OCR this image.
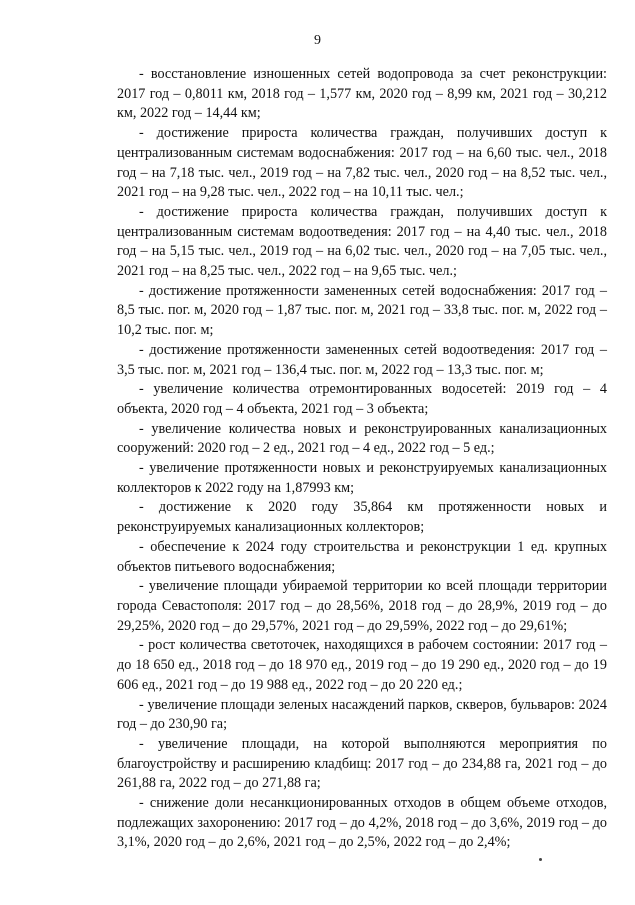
9

- восстановление изношенных сетей водопровода за счет реконструкции: 2017 год – 0,8011 км, 2018 год – 1,577 км, 2020 год – 8,99 км, 2021 год – 30,212 км, 2022 год – 14,44 км;

- достижение прироста количества граждан, получивших доступ к централизованным системам водоснабжения: 2017 год – на 6,60 тыс. чел., 2018 год – на 7,18 тыс. чел., 2019 год – на 7,82 тыс. чел., 2020 год – на 8,52 тыс. чел., 2021 год – на 9,28 тыс. чел., 2022 год – на 10,11 тыс. чел.;

- достижение прироста количества граждан, получивших доступ к централизованным системам водоотведения: 2017 год – на 4,40 тыс. чел., 2018 год – на 5,15 тыс. чел., 2019 год – на 6,02 тыс. чел., 2020 год – на 7,05 тыс. чел., 2021 год – на 8,25 тыс. чел., 2022 год – на 9,65 тыс. чел.;

- достижение протяженности замененных сетей водоснабжения: 2017 год – 8,5 тыс. пог. м, 2020 год – 1,87 тыс. пог. м, 2021 год – 33,8 тыс. пог. м, 2022 год – 10,2 тыс. пог. м;

- достижение протяженности замененных сетей водоотведения: 2017 год – 3,5 тыс. пог. м, 2021 год – 136,4 тыс. пог. м, 2022 год – 13,3 тыс. пог. м;

- увеличение количества отремонтированных водосетей: 2019 год – 4 объекта, 2020 год – 4 объекта, 2021 год – 3 объекта;

- увеличение количества новых и реконструированных канализационных сооружений: 2020 год – 2 ед., 2021 год – 4 ед., 2022 год – 5 ед.;

- увеличение протяженности новых и реконструируемых канализационных коллекторов к 2022 году на 1,87993 км;

- достижение к 2020 году 35,864 км протяженности новых и реконструируемых канализационных коллекторов;

- обеспечение к 2024 году строительства и реконструкции 1 ед. крупных объектов питьевого водоснабжения;

- увеличение площади убираемой территории ко всей площади территории города Севастополя: 2017 год – до 28,56%, 2018 год – до 28,9%, 2019 год – до 29,25%, 2020 год – до 29,57%, 2021 год – до 29,59%, 2022 год – до 29,61%;

- рост количества светоточек, находящихся в рабочем состоянии: 2017 год – до 18 650 ед., 2018 год – до 18 970 ед., 2019 год – до 19 290 ед., 2020 год – до 19 606 ед., 2021 год – до 19 988 ед., 2022 год – до 20 220 ед.;

- увеличение площади зеленых насаждений парков, скверов, бульваров: 2024 год – до 230,90 га;

- увеличение площади, на которой выполняются мероприятия по благоустройству и расширению кладбищ: 2017 год – до 234,88 га, 2021 год – до 261,88 га, 2022 год – до 271,88 га;

- снижение доли несанкционированных отходов в общем объеме отходов, подлежащих захоронению: 2017 год – до 4,2%, 2018 год – до 3,6%, 2019 год – до 3,1%, 2020 год – до 2,6%, 2021 год – до 2,5%, 2022 год – до 2,4%;
